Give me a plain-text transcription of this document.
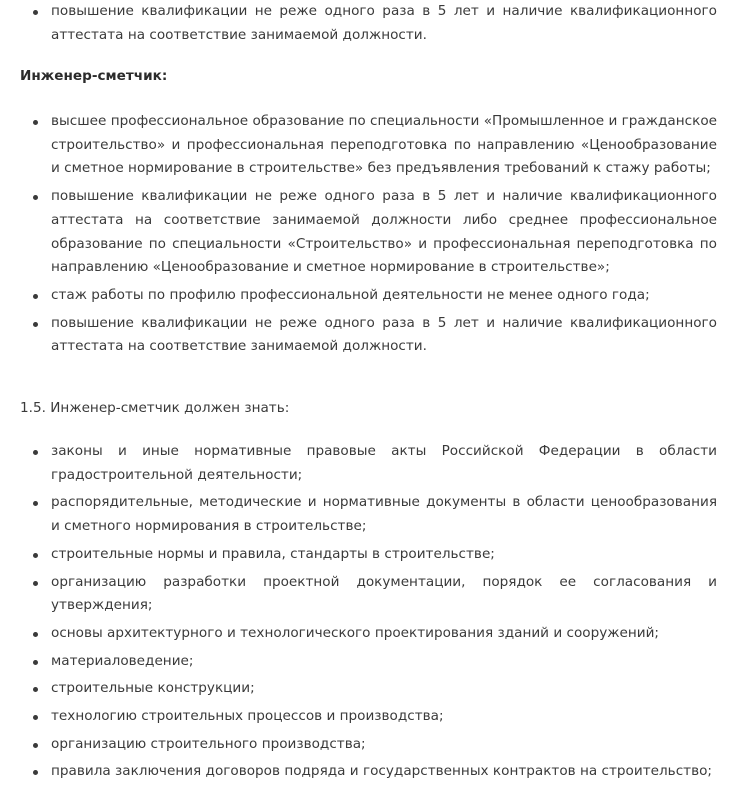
повышение квалификации не реже одного раза в 5 лет и наличие квалификационного аттестата на соответствие занимаемой должности.

Инженер-сметчик:

высшее профессиональное образование по специальности «Промышленное и гражданское строительство» и профессиональная переподготовка по направлению «Ценообразование и сметное нормирование в строительстве» без предъявления требований к стажу работы;
повышение квалификации не реже одного раза в 5 лет и наличие квалификационного аттестата на соответствие занимаемой должности либо среднее профессиональное образование по специальности «Строительство» и профессиональная переподготовка по направлению «Ценообразование и сметное нормирование в строительстве»;
стаж работы по профилю профессиональной деятельности не менее одного года;
повышение квалификации не реже одного раза в 5 лет и наличие квалификационного аттестата на соответствие занимаемой должности.

1.5. Инженер-сметчик должен знать:

законы и иные нормативные правовые акты Российской Федерации в области градостроительной деятельности;
распорядительные, методические и нормативные документы в области ценообразования и сметного нормирования в строительстве;
строительные нормы и правила, стандарты в строительстве;
организацию разработки проектной документации, порядок ее согласования и утверждения;
основы архитектурного и технологического проектирования зданий и сооружений;
материаловедение;
строительные конструкции;
технологию строительных процессов и производства;
организацию строительного производства;
правила заключения договоров подряда и государственных контрактов на строительство;
